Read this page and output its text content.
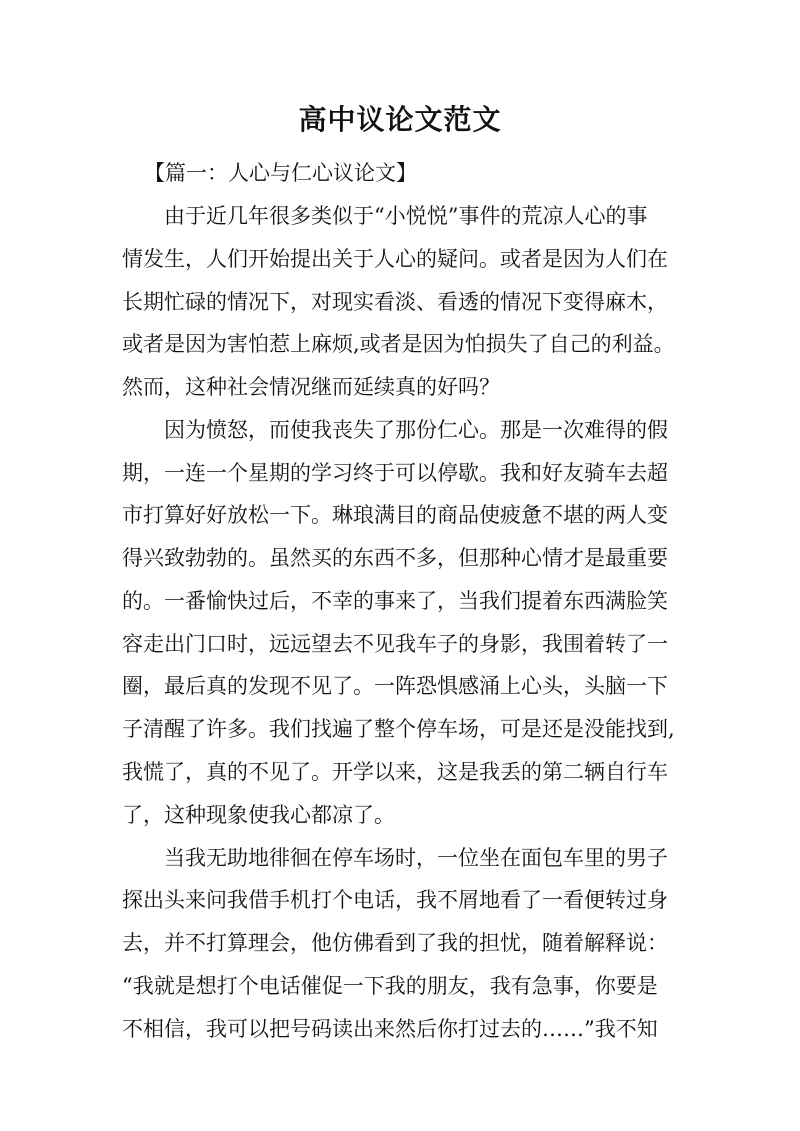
高中议论文范文
【篇一：人心与仁心议论文】
由于近几年很多类似于“小悦悦”事件的荒凉人心的事
情发生，人们开始提出关于人心的疑问。或者是因为人们在
长期忙碌的情况下，对现实看淡、看透的情况下变得麻木，
或者是因为害怕惹上麻烦,或者是因为怕损失了自己的利益。
然而，这种社会情况继而延续真的好吗？
因为愤怒，而使我丧失了那份仁心。那是一次难得的假
期，一连一个星期的学习终于可以停歇。我和好友骑车去超
市打算好好放松一下。琳琅满目的商品使疲惫不堪的两人变
得兴致勃勃的。虽然买的东西不多，但那种心情才是最重要
的。一番愉快过后，不幸的事来了，当我们提着东西满脸笑
容走出门口时，远远望去不见我车子的身影，我围着转了一
圈，最后真的发现不见了。一阵恐惧感涌上心头，头脑一下
子清醒了许多。我们找遍了整个停车场，可是还是没能找到,
我慌了，真的不见了。开学以来，这是我丢的第二辆自行车
了，这种现象使我心都凉了。
当我无助地徘徊在停车场时，一位坐在面包车里的男子
探出头来问我借手机打个电话，我不屑地看了一看便转过身
去，并不打算理会，他仿佛看到了我的担忧，随着解释说：
“我就是想打个电话催促一下我的朋友，我有急事，你要是
不相信，我可以把号码读出来然后你打过去的……”我不知
